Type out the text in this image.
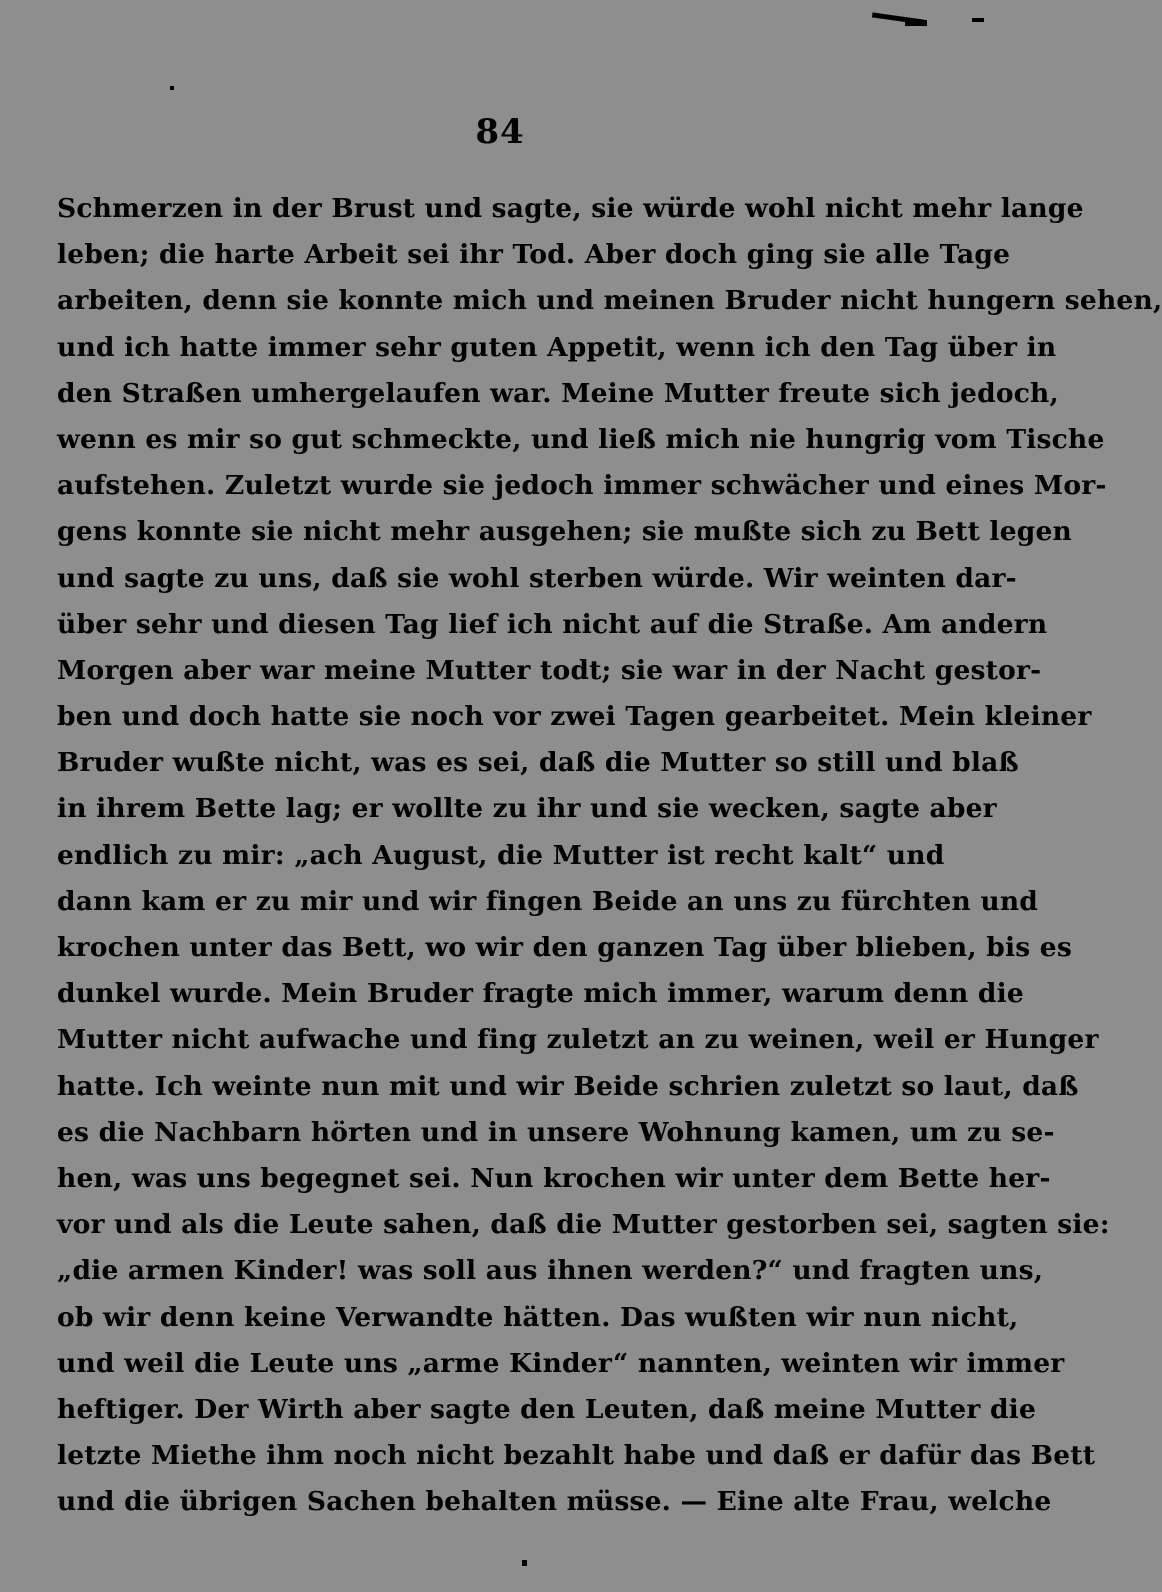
84
Schmerzen in der Brust und sagte, sie würde wohl nicht mehr lange
leben; die harte Arbeit sei ihr Tod. Aber doch ging sie alle Tage
arbeiten, denn sie konnte mich und meinen Bruder nicht hungern sehen,
und ich hatte immer sehr guten Appetit, wenn ich den Tag über in
den Straßen umhergelaufen war. Meine Mutter freute sich jedoch,
wenn es mir so gut schmeckte, und ließ mich nie hungrig vom Tische
aufstehen. Zuletzt wurde sie jedoch immer schwächer und eines Mor-
gens konnte sie nicht mehr ausgehen; sie mußte sich zu Bett legen
und sagte zu uns, daß sie wohl sterben würde. Wir weinten dar-
über sehr und diesen Tag lief ich nicht auf die Straße. Am andern
Morgen aber war meine Mutter todt; sie war in der Nacht gestor-
ben und doch hatte sie noch vor zwei Tagen gearbeitet. Mein kleiner
Bruder wußte nicht, was es sei, daß die Mutter so still und blaß
in ihrem Bette lag; er wollte zu ihr und sie wecken, sagte aber
endlich zu mir: „ach August, die Mutter ist recht kalt“ und
dann kam er zu mir und wir fingen Beide an uns zu fürchten und
krochen unter das Bett, wo wir den ganzen Tag über blieben, bis es
dunkel wurde. Mein Bruder fragte mich immer, warum denn die
Mutter nicht aufwache und fing zuletzt an zu weinen, weil er Hunger
hatte. Ich weinte nun mit und wir Beide schrien zuletzt so laut, daß
es die Nachbarn hörten und in unsere Wohnung kamen, um zu se-
hen, was uns begegnet sei. Nun krochen wir unter dem Bette her-
vor und als die Leute sahen, daß die Mutter gestorben sei, sagten sie:
„die armen Kinder! was soll aus ihnen werden?“ und fragten uns,
ob wir denn keine Verwandte hätten. Das wußten wir nun nicht,
und weil die Leute uns „arme Kinder“ nannten, weinten wir immer
heftiger. Der Wirth aber sagte den Leuten, daß meine Mutter die
letzte Miethe ihm noch nicht bezahlt habe und daß er dafür das Bett
und die übrigen Sachen behalten müsse. — Eine alte Frau, welche
